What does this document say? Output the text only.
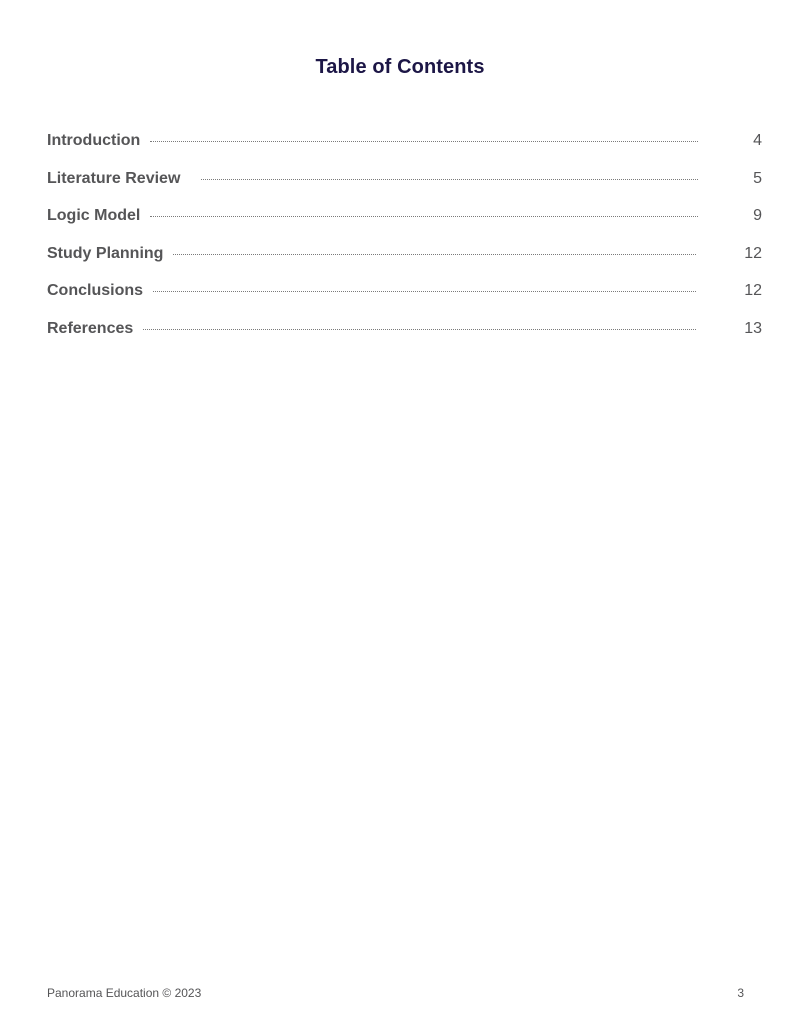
Table of Contents
Introduction	4
Literature Review	5
Logic Model	9
Study Planning	12
Conclusions	12
References	13

Panorama Education © 2023	3
